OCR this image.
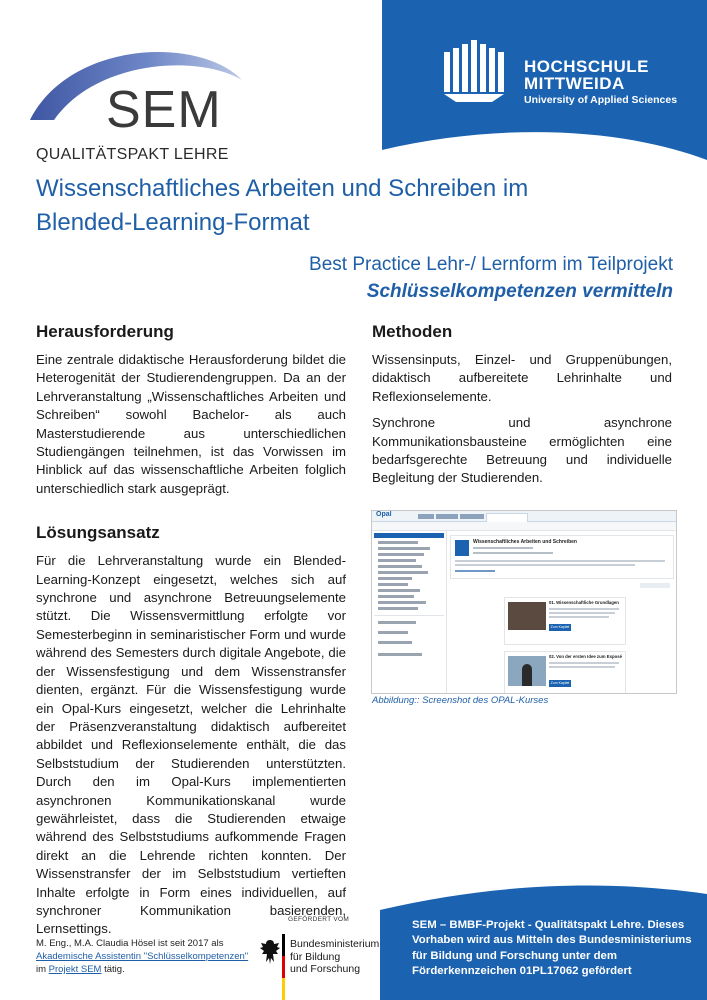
HOCHSCHULE
MITTWEIDA
University of Applied Sciences
SEM
QUALITÄTSPAKT LEHRE
Wissenschaftliches Arbeiten und Schreiben im
Blended-Learning-Format
Best Practice Lehr-/ Lernform im Teilprojekt
Schlüsselkompetenzen vermitteln
Herausforderung

Eine zentrale didaktische Herausforderung bildet die Heterogenität der Studierendengruppen. Da an der Lehrveranstaltung „Wissenschaftliches Arbeiten und Schreiben“ sowohl Bachelor- als auch Masterstudierende aus unterschiedlichen Studiengängen teilnehmen, ist das Vorwissen im Hinblick auf das wissenschaftliche Arbeiten folglich unterschiedlich stark ausgeprägt.

Lösungsansatz

Für die Lehrveranstaltung wurde ein Blended-Learning-Konzept eingesetzt, welches sich auf synchrone und asynchrone Betreuungselemente stützt. Die Wissensvermittlung erfolgte vor Semesterbeginn in seminaristischer Form und wurde während des Semesters durch digitale Angebote, die der Wissensfestigung und dem Wissenstransfer dienten, ergänzt. Für die Wissensfestigung wurde ein Opal-Kurs eingesetzt, welcher die Lehrinhalte der Präsenzveranstaltung didaktisch aufbereitet abbildet und Reflexionselemente enthält, die das Selbststudium der Studierenden unterstützten. Durch den im Opal-Kurs implementierten asynchronen Kommunikationskanal wurde gewährleistet, dass die Studierenden etwaige während des Selbststudiums aufkommende Fragen direkt an die Lehrende richten konnten. Der Wissenstransfer der im Selbststudium vertieften Inhalte erfolgte in Form eines individuellen, auf synchroner Kommunikation basierenden, Lernsettings.

Methoden

Wissensinputs, Einzel- und Gruppenübungen, didaktisch aufbereitete Lehrinhalte und Reflexionselemente.

Synchrone und asynchrone Kommunikationsbausteine ermöglichten eine bedarfsgerechte Betreuung und individuelle Begleitung der Studierenden.

Opal
Wissenschaftliches Arbeiten und Schreiben
01. Wissenschaftliche Grundlagen
Zum Kapitel
02. Von der ersten Idee zum Exposé
Zum Kapitel
Abbildung:: Screenshot des OPAL-Kurses
M. Eng., M.A. Claudia Hösel ist seit 2017 als Akademische Assistentin "Schlüsselkompetenzen" im Projekt SEM tätig.
GEFÖRDERT VOM
Bundesministerium
für Bildung
und Forschung
SEM – BMBF-Projekt - Qualitätspakt Lehre. Dieses Vorhaben wird aus Mitteln des Bundesministeriums für Bildung und Forschung unter dem Förderkennzeichen 01PL17062 gefördert
